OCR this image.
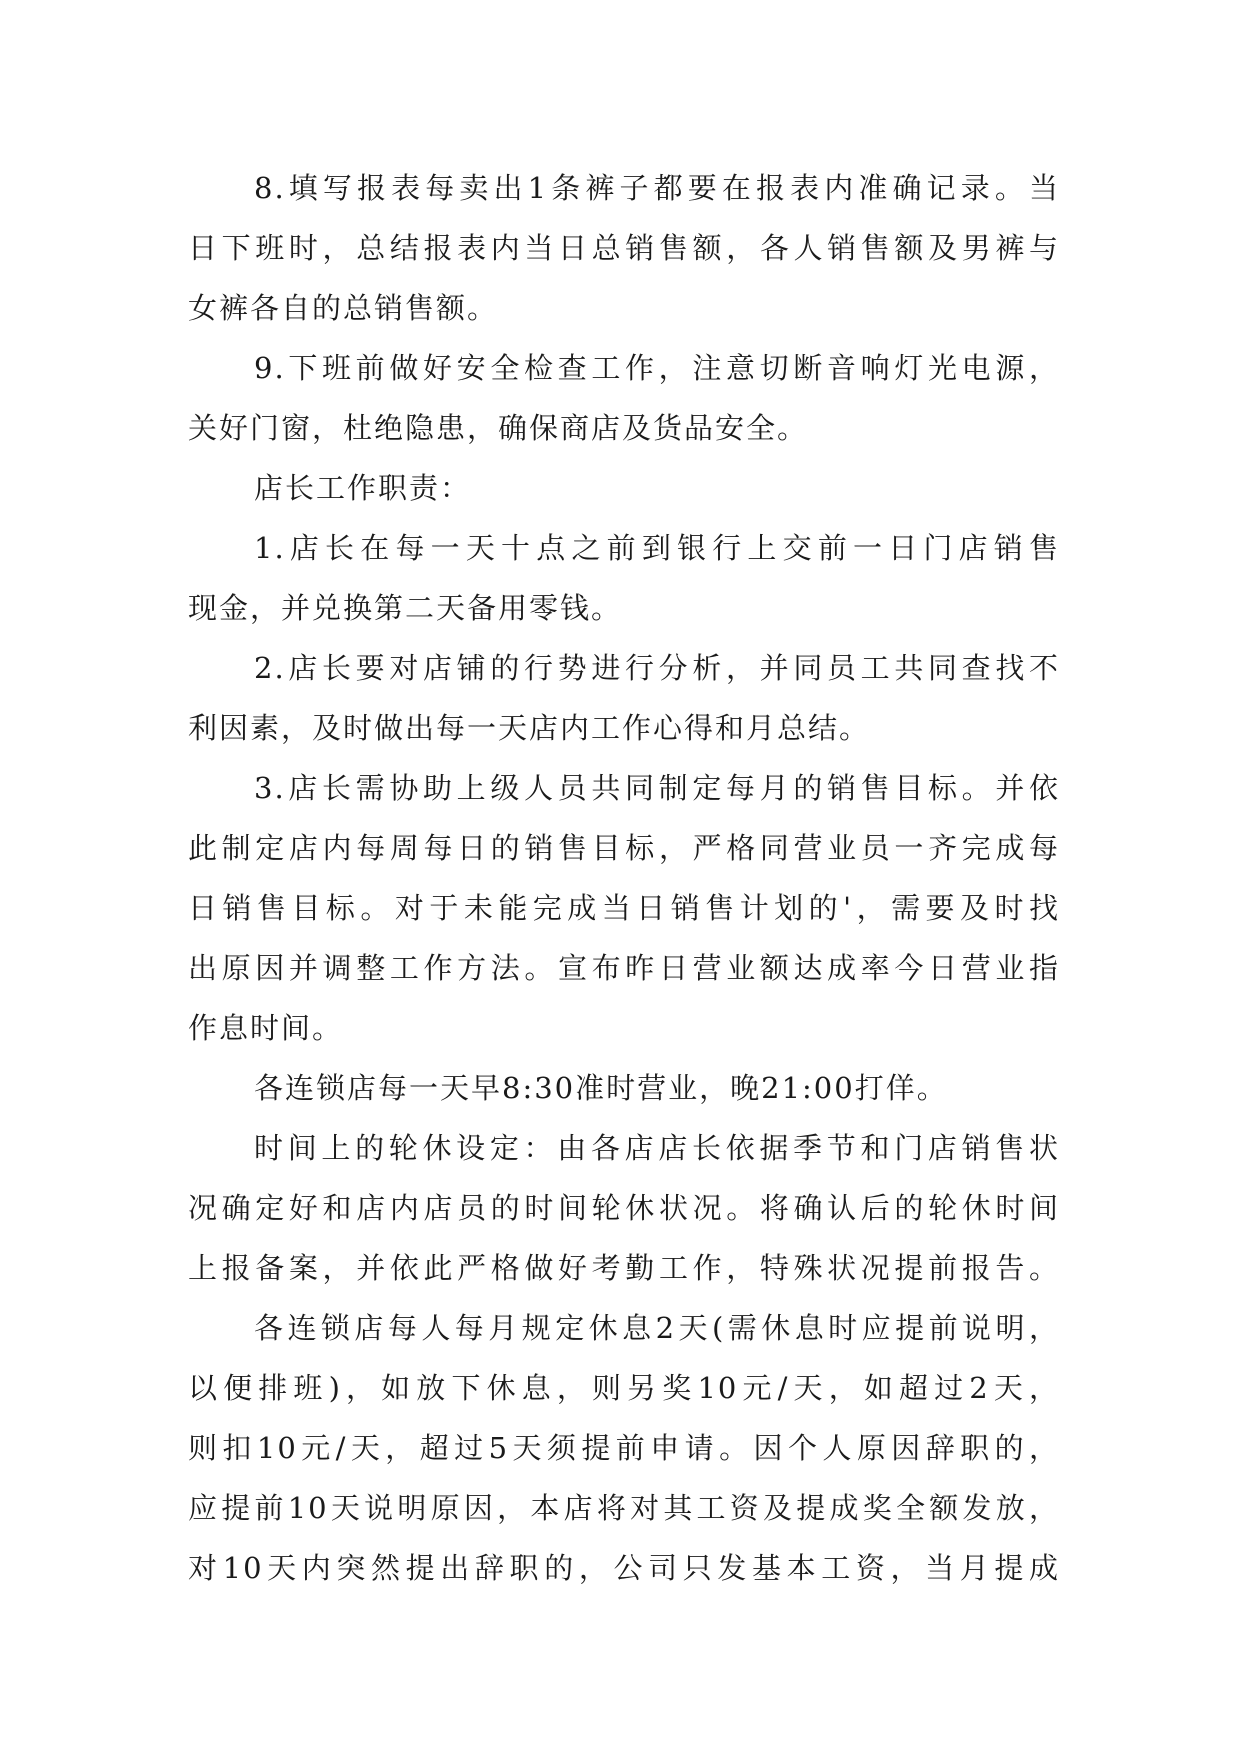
8.填写报表每卖出1条裤子都要在报表内准确记录。当
日下班时，总结报表内当日总销售额，各人销售额及男裤与
女裤各自的总销售额。
9.下班前做好安全检查工作，注意切断音响灯光电源，
关好门窗，杜绝隐患，确保商店及货品安全。
店长工作职责：
1.店长在每一天十点之前到银行上交前一日门店销售
现金，并兑换第二天备用零钱。
2.店长要对店铺的行势进行分析，并同员工共同查找不
利因素，及时做出每一天店内工作心得和月总结。
3.店长需协助上级人员共同制定每月的销售目标。并依
此制定店内每周每日的销售目标，严格同营业员一齐完成每
日销售目标。对于未能完成当日销售计划的'，需要及时找
出原因并调整工作方法。宣布昨日营业额达成率今日营业指
作息时间。
各连锁店每一天早8:30准时营业，晚21:00打佯。
时间上的轮休设定：由各店店长依据季节和门店销售状
况确定好和店内店员的时间轮休状况。将确认后的轮休时间
上报备案，并依此严格做好考勤工作，特殊状况提前报告。
各连锁店每人每月规定休息2天(需休息时应提前说明，
以便排班)，如放下休息，则另奖10元/天，如超过2天，
则扣10元/天，超过5天须提前申请。因个人原因辞职的，
应提前10天说明原因，本店将对其工资及提成奖全额发放，
对10天内突然提出辞职的，公司只发基本工资，当月提成
